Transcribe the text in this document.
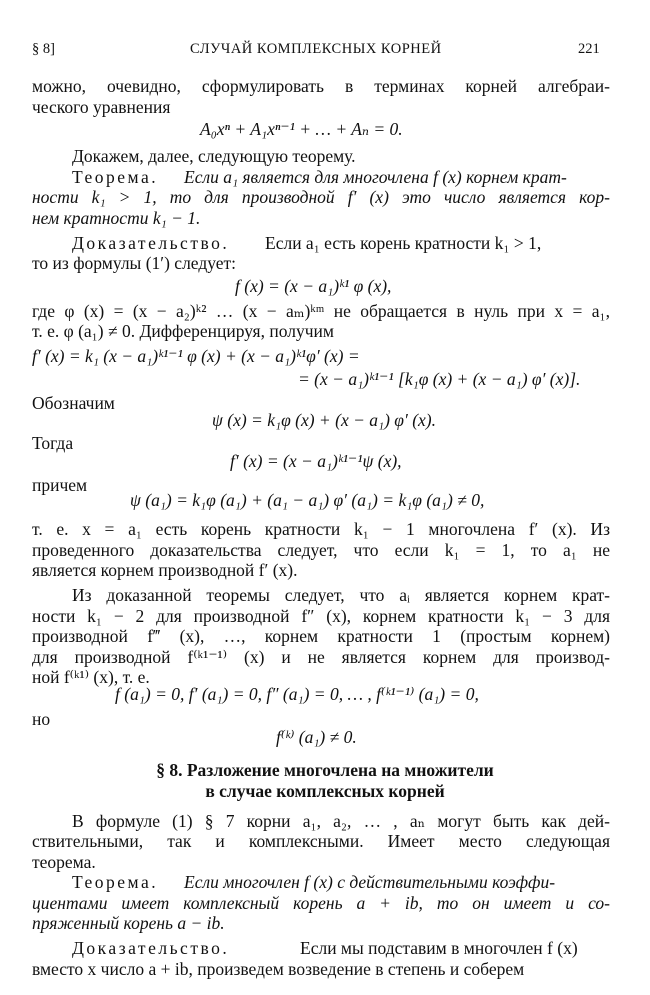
§ 8]	СЛУЧАЙ КОМПЛЕКСНЫХ КОРНЕЙ	221
можно, очевидно, сформулировать в терминах корней алгебраи-
ческого уравнения
A₀xⁿ + A₁xⁿ⁻¹ + … + Aₙ = 0.
Докажем, далее, следующую теорему.
Теорема. Если a₁ является для многочлена f (x) корнем крат-
ности k₁ > 1, то для производной f′ (x) это число является кор-
нем кратности k₁ − 1.
Доказательство. Если a₁ есть корень кратности k₁ > 1,
то из формулы (1′) следует:
f (x) = (x − a₁)ᵏ¹ φ (x),
где φ (x) = (x − a₂)ᵏ² … (x − aₘ)ᵏᵐ не обращается в нуль при x = a₁,
т. е. φ (a₁) ≠ 0. Дифференцируя, получим
f′ (x) = k₁ (x − a₁)ᵏ¹⁻¹ φ (x) + (x − a₁)ᵏ¹φ′ (x) =
= (x − a₁)ᵏ¹⁻¹ [k₁φ (x) + (x − a₁) φ′ (x)].
Обозначим
ψ (x) = k₁φ (x) + (x − a₁) φ′ (x).
Тогда
f′ (x) = (x − a₁)ᵏ¹⁻¹ψ (x),
причем
ψ (a₁) = k₁φ (a₁) + (a₁ − a₁) φ′ (a₁) = k₁φ (a₁) ≠ 0,
т. е. x = a₁ есть корень кратности k₁ − 1 многочлена f′ (x). Из
проведенного доказательства следует, что если k₁ = 1, то a₁ не
является корнем производной f′ (x).
Из доказанной теоремы следует, что aᵢ является корнем крат-
ности k₁ − 2 для производной f″ (x), корнем кратности k₁ − 3 для
производной f‴ (x), …, корнем кратности 1 (простым корнем)
для производной f⁽ᵏ¹⁻¹⁾ (x) и не является корнем для производ-
ной f⁽ᵏ¹⁾ (x), т. е.
f (a₁) = 0, f′ (a₁) = 0, f″ (a₁) = 0, … , f⁽ᵏ¹⁻¹⁾ (a₁) = 0,
но
f⁽ᵏ⁾ (a₁) ≠ 0.
§ 8. Разложение многочлена на множители
в случае комплексных корней
В формуле (1) § 7 корни a₁, a₂, … , aₙ могут быть как дей-
ствительными, так и комплексными. Имеет место следующая
теорема.
Теорема. Если многочлен f (x) с действительными коэффи-
циентами имеет комплексный корень a + ib, то он имеет и со-
пряженный корень a − ib.
Доказательство.	Если мы подставим в многочлен f (x)
вместо x число a + ib, произведем возведение в степень и соберем
